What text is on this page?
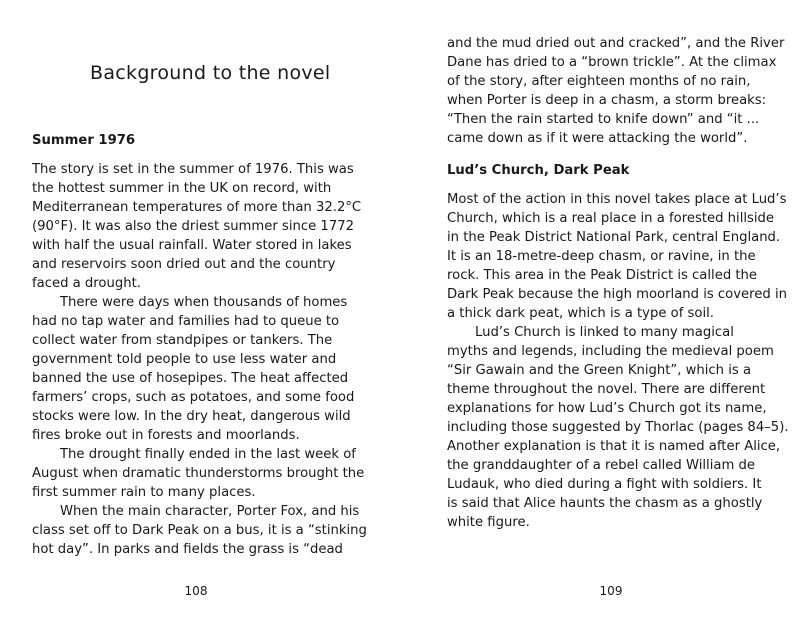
Background to the novel
Summer 1976
The story is set in the summer of 1976. This was
the hottest summer in the UK on record, with
Mediterranean temperatures of more than 32.2°C
(90°F). It was also the driest summer since 1772
with half the usual rainfall. Water stored in lakes
and reservoirs soon dried out and the country
faced a drought.
There were days when thousands of homes
had no tap water and families had to queue to
collect water from standpipes or tankers. The
government told people to use less water and
banned the use of hosepipes. The heat affected
farmers’ crops, such as potatoes, and some food
stocks were low. In the dry heat, dangerous wild
fires broke out in forests and moorlands.
The drought finally ended in the last week of
August when dramatic thunderstorms brought the
first summer rain to many places.
When the main character, Porter Fox, and his
class set off to Dark Peak on a bus, it is a “stinking
hot day”. In parks and fields the grass is “dead
108
and the mud dried out and cracked”, and the River
Dane has dried to a “brown trickle”. At the climax
of the story, after eighteen months of no rain,
when Porter is deep in a chasm, a storm breaks:
“Then the rain started to knife down” and “it ...
came down as if it were attacking the world”.
Lud’s Church, Dark Peak
Most of the action in this novel takes place at Lud’s
Church, which is a real place in a forested hillside
in the Peak District National Park, central England.
It is an 18-metre-deep chasm, or ravine, in the
rock. This area in the Peak District is called the
Dark Peak because the high moorland is covered in
a thick dark peat, which is a type of soil.
Lud’s Church is linked to many magical
myths and legends, including the medieval poem
“Sir Gawain and the Green Knight”, which is a
theme throughout the novel. There are different
explanations for how Lud’s Church got its name,
including those suggested by Thorlac (pages 84–5).
Another explanation is that it is named after Alice,
the granddaughter of a rebel called William de
Ludauk, who died during a fight with soldiers. It
is said that Alice haunts the chasm as a ghostly
white figure.
109
